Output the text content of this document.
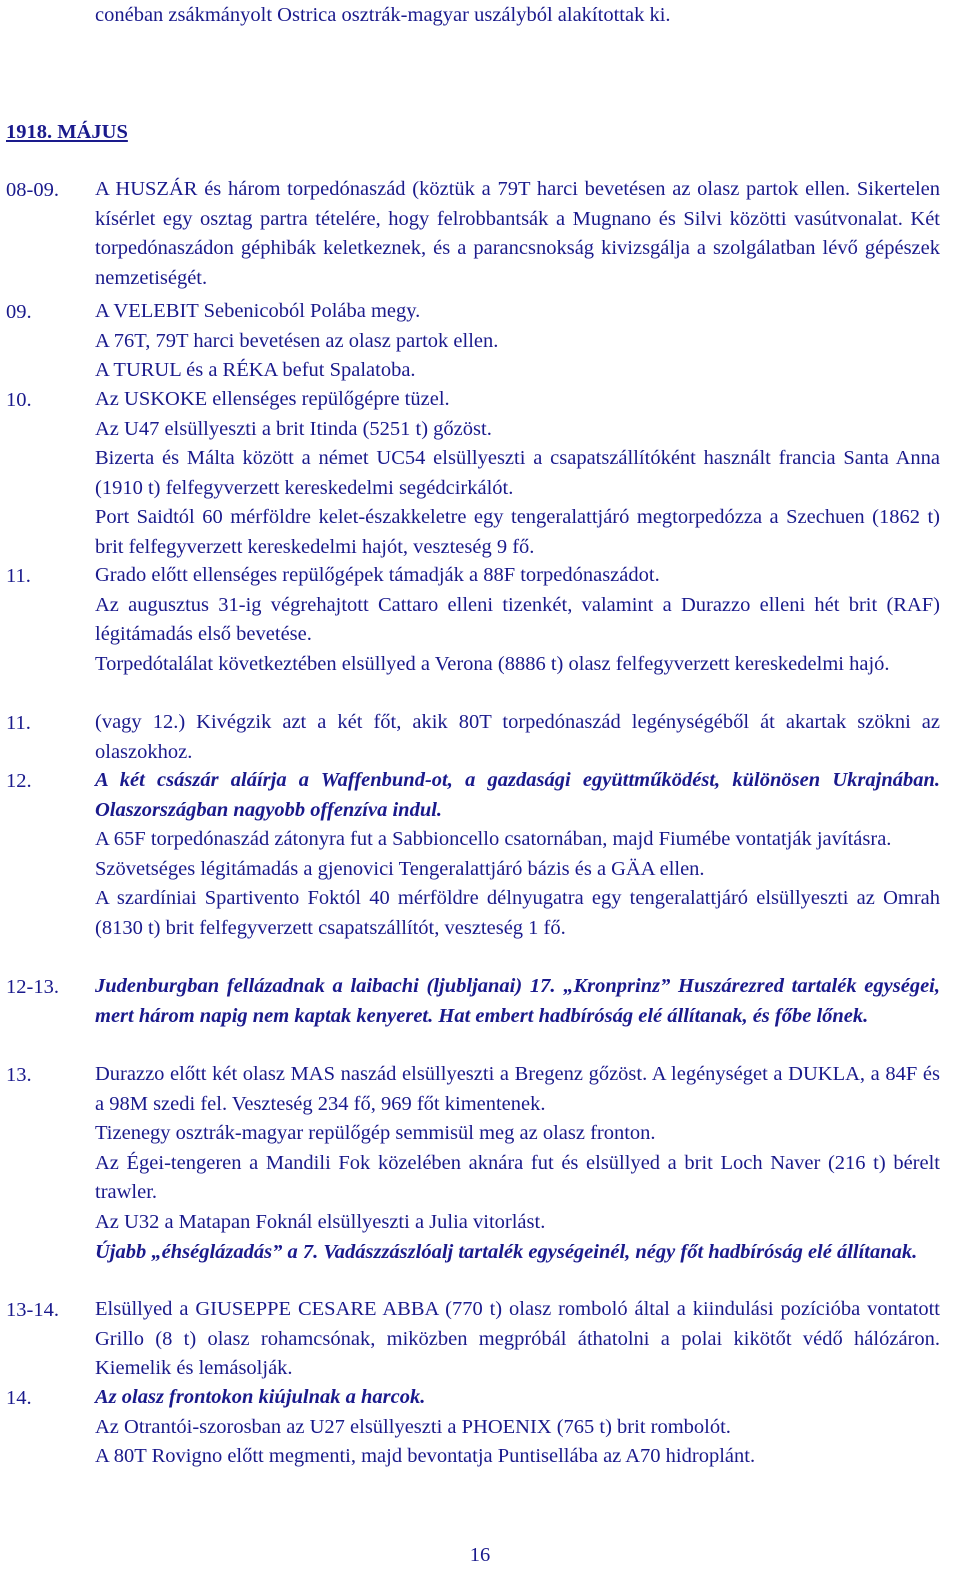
conéban zsákmányolt Ostrica osztrák-magyar uszályból alakítottak ki.
1918. MÁJUS
08-09.	A HUSZÁR és három torpedónaszád (köztük a 79T harci bevetésen az olasz partok ellen. Sikertelen kísérlet egy osztag partra tételére, hogy felrobbantsák a Mugnano és Silvi közötti vasútvonalat. Két torpedónaszádon géphibák keletkeznek, és a parancsnokság kivizsgálja a szolgálatban lévő gépészek nemzetiségét.

09.	A VELEBIT Sebenicoból Polába megy.

A 76T, 79T harci bevetésen az olasz partok ellen.

A TURUL és a RÉKA befut Spalatoba.

10.	Az USKOKE ellenséges repülőgépre tüzel.

Az U47 elsüllyeszti a brit Itinda (5251 t) gőzöst.

Bizerta és Málta között a német UC54 elsüllyeszti a csapatszállítóként használt francia Santa Anna (1910 t) felfegyverzett kereskedelmi segédcirkálót.

Port Saidtól 60 mérföldre kelet-északkeletre egy tengeralattjáró megtorpedózza a Szechuen (1862 t) brit felfegyverzett kereskedelmi hajót, veszteség 9 fő.

11.	Grado előtt ellenséges repülőgépek támadják a 88F torpedónaszádot.

Az augusztus 31-ig végrehajtott Cattaro elleni tizenkét, valamint a Durazzo elleni hét brit (RAF) légitámadás első bevetése.

Torpedótalálat következtében elsüllyed a Verona (8886 t) olasz felfegyverzett kereskedelmi hajó.

11.	(vagy 12.) Kivégzik azt a két főt, akik 80T torpedónaszád legénységéből át akartak szökni az olaszokhoz.

12.	A két császár aláírja a Waffenbund-ot, a gazdasági együttműködést, különösen Ukrajnában. Olaszországban nagyobb offenzíva indul.

A 65F torpedónaszád zátonyra fut a Sabbioncello csatornában, majd Fiumébe vontatják javításra.

Szövetséges légitámadás a gjenovici Tengeralattjáró bázis és a GÄA ellen.

A szardíniai Spartivento Foktól 40 mérföldre délnyugatra egy tengeralattjáró elsüllyeszti az Omrah (8130 t) brit felfegyverzett csapatszállítót, veszteség 1 fő.

12-13.	Judenburgban fellázadnak a laibachi (ljubljanai) 17. „Kronprinz” Huszárezred tartalék egységei, mert három napig nem kaptak kenyeret. Hat embert hadbíróság elé állítanak, és főbe lőnek.

13.	Durazzo előtt két olasz MAS naszád elsüllyeszti a Bregenz gőzöst. A legénységet a DUKLA, a 84F és a 98M szedi fel. Veszteség 234 fő, 969 főt kimentenek.

Tizenegy osztrák-magyar repülőgép semmisül meg az olasz fronton.

Az Égei-tengeren a Mandili Fok közelében aknára fut és elsüllyed a brit Loch Naver (216 t) bérelt trawler.

Az U32 a Matapan Foknál elsüllyeszti a Julia vitorlást.

Újabb „éhséglázadás” a 7. Vadászzászlóalj tartalék egységeinél, négy főt hadbíróság elé állítanak.

13-14.	Elsüllyed a GIUSEPPE CESARE ABBA (770 t) olasz romboló által a kiindulási pozícióba vontatott Grillo (8 t) olasz rohamcsónak, miközben megpróbál áthatolni a polai kikötőt védő hálózáron. Kiemelik és lemásolják.

14.	Az olasz frontokon kiújulnak a harcok.

Az Otrantói-szorosban az U27 elsüllyeszti a PHOENIX (765 t) brit rombolót.

A 80T Rovigno előtt megmenti, majd bevontatja Puntisellába az A70 hidroplánt.

16
